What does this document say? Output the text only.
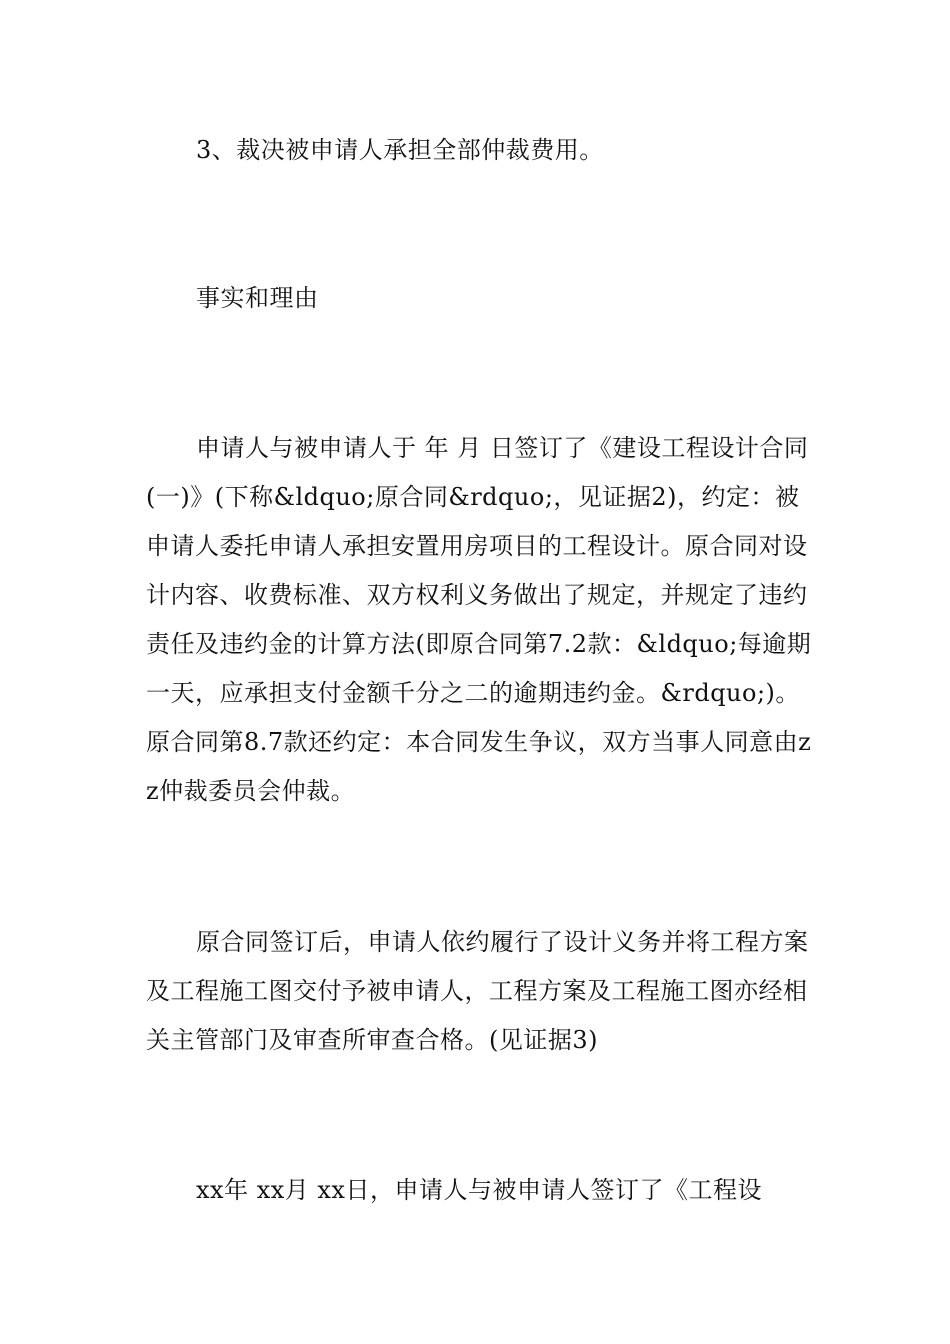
3、裁决被申请人承担全部仲裁费用。

事实和理由

申请人与被申请人于 年 月 日签订了《建设工程设计合同(一)》(下称&ldquo;原合同&rdquo;，见证据2)，约定：被申请人委托申请人承担安置用房项目的工程设计。原合同对设计内容、收费标准、双方权利义务做出了规定，并规定了违约责任及违约金的计算方法(即原合同第7.2款：&ldquo;每逾期一天，应承担支付金额千分之二的逾期违约金。&rdquo;)。原合同第8.7款还约定：本合同发生争议，双方当事人同意由zz仲裁委员会仲裁。

原合同签订后，申请人依约履行了设计义务并将工程方案及工程施工图交付予被申请人，工程方案及工程施工图亦经相关主管部门及审查所审查合格。(见证据3)

xx年 xx月 xx日，申请人与被申请人签订了《工程设
